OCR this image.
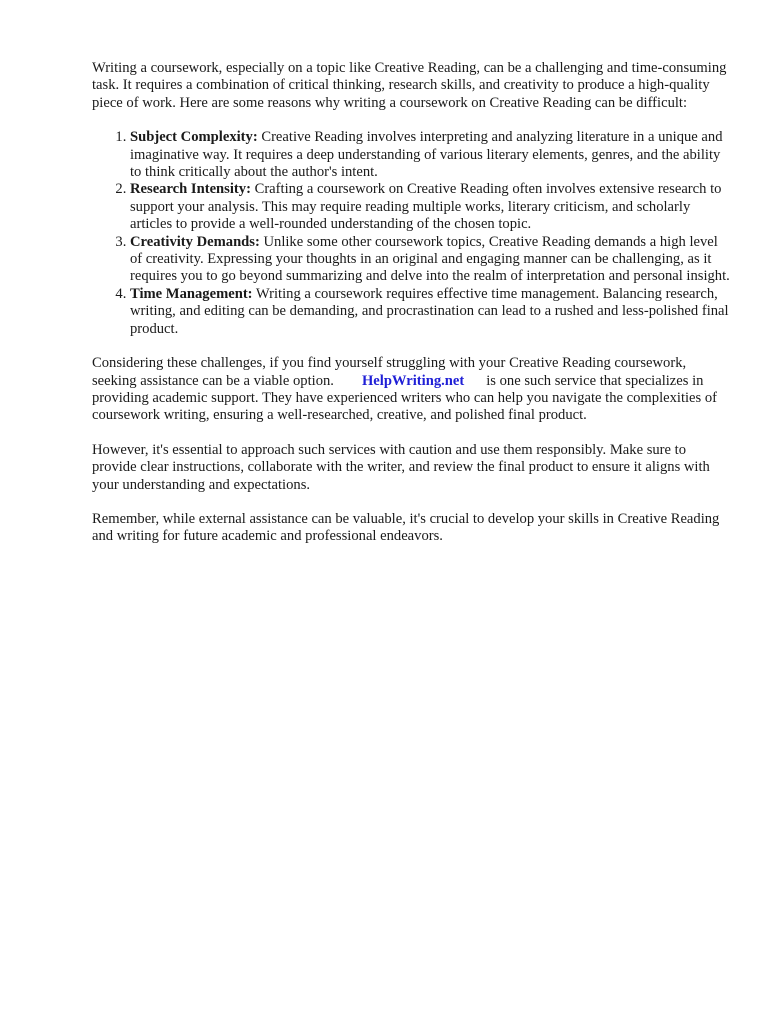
Writing a coursework, especially on a topic like Creative Reading, can be a challenging and time-consuming task. It requires a combination of critical thinking, research skills, and creativity to produce a high-quality piece of work. Here are some reasons why writing a coursework on Creative Reading can be difficult:

1. Subject Complexity: Creative Reading involves interpreting and analyzing literature in a unique and imaginative way. It requires a deep understanding of various literary elements, genres, and the ability to think critically about the author's intent.
2. Research Intensity: Crafting a coursework on Creative Reading often involves extensive research to support your analysis. This may require reading multiple works, literary criticism, and scholarly articles to provide a well-rounded understanding of the chosen topic.
3. Creativity Demands: Unlike some other coursework topics, Creative Reading demands a high level of creativity. Expressing your thoughts in an original and engaging manner can be challenging, as it requires you to go beyond summarizing and delve into the realm of interpretation and personal insight.
4. Time Management: Writing a coursework requires effective time management. Balancing research, writing, and editing can be demanding, and procrastination can lead to a rushed and less-polished final product.

Considering these challenges, if you find yourself struggling with your Creative Reading coursework, seeking assistance can be a viable option. HelpWriting.net is one such service that specializes in providing academic support. They have experienced writers who can help you navigate the complexities of coursework writing, ensuring a well-researched, creative, and polished final product.

However, it's essential to approach such services with caution and use them responsibly. Make sure to provide clear instructions, collaborate with the writer, and review the final product to ensure it aligns with your understanding and expectations.

Remember, while external assistance can be valuable, it's crucial to develop your skills in Creative Reading and writing for future academic and professional endeavors.
